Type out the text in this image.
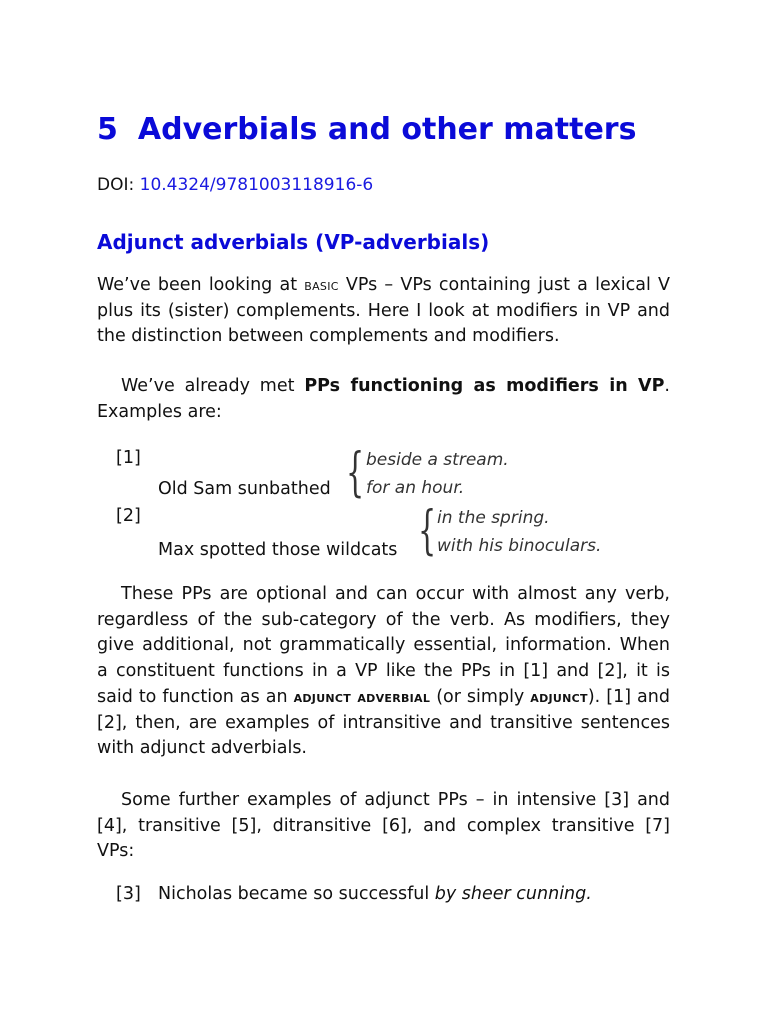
5 Adverbials and other matters
DOI: 10.4324/9781003118916-6
Adjunct adverbials (VP-adverbials)

We’ve been looking at basic VPs – VPs containing just a lexical V plus its (sister) complements. Here I look at modifiers in VP and the distinction between complements and modifiers.

We’ve already met PPs functioning as modifiers in VP. Examples are:

[1]
Old Sam sunbathed { beside a stream.
for an hour.
[2]
Max spotted those wildcats { in the spring.
with his binoculars.

These PPs are optional and can occur with almost any verb, regardless of the sub-category of the verb. As modifiers, they give additional, not grammatically essential, information. When a constituent functions in a VP like the PPs in [1] and [2], it is said to function as an adjunct adverbial (or simply adjunct). [1] and [2], then, are examples of intransitive and transitive sentences with adjunct adverbials.

Some further examples of adjunct PPs – in intensive [3] and [4], transitive [5], ditransitive [6], and complex transitive [7] VPs:

[3] Nicholas became so successful by sheer cunning.
